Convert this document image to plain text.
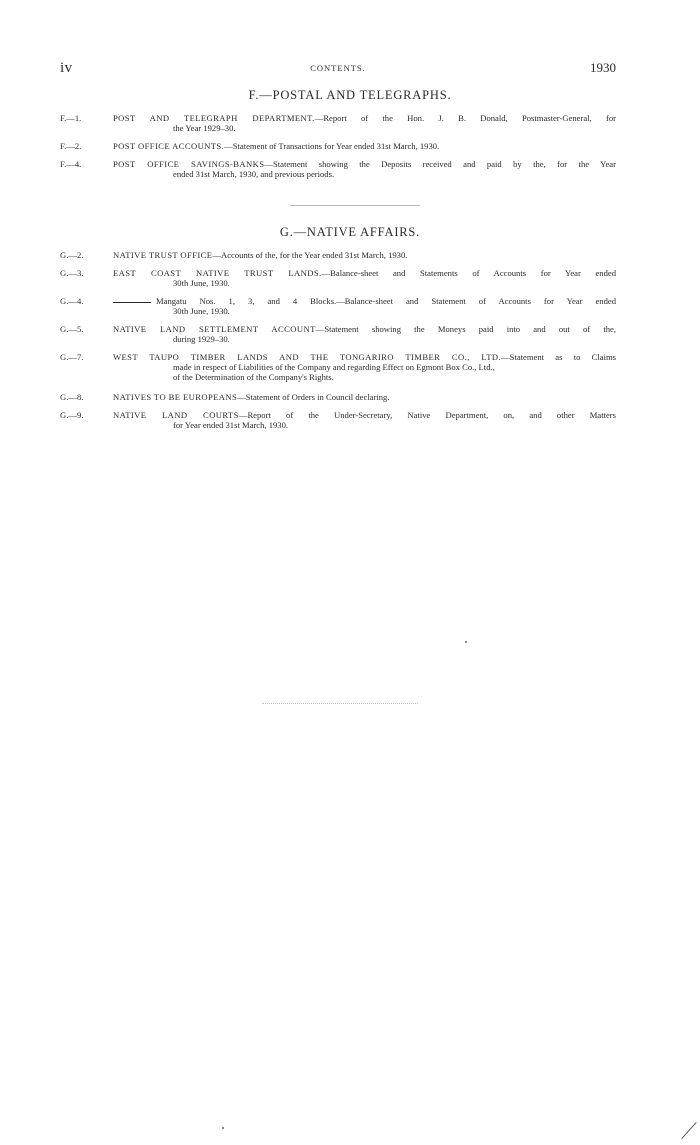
iv	CONTENTS.	1930
F.—POSTAL AND TELEGRAPHS.
F.—1.	POST AND TELEGRAPH DEPARTMENT.—Report of the Hon. J. B. Donald, Postmaster-General, for
the Year 1929–30.
F.—2.	POST OFFICE ACCOUNTS.—Statement of Transactions for Year ended 31st March, 1930.
F.—4.	POST OFFICE SAVINGS-BANKS—Statement showing the Deposits received and paid by the, for the Year
ended 31st March, 1930, and previous periods.
G.—NATIVE AFFAIRS.
G.—2.	NATIVE TRUST OFFICE—Accounts of the, for the Year ended 31st March, 1930.
G.—3.	EAST COAST NATIVE TRUST LANDS.—Balance-sheet and Statements of Accounts for Year ended
30th June, 1930.
G.—4.	Mangatu Nos. 1, 3, and 4 Blocks.—Balance-sheet and Statement of Accounts for Year ended
30th June, 1930.
G.—5.	NATIVE LAND SETTLEMENT ACCOUNT—Statement showing the Moneys paid into and out of the,
during 1929–30.
G.—7.	WEST TAUPO TIMBER LANDS AND THE TONGARIRO TIMBER CO., LTD.—Statement as to Claims
made in respect of Liabilities of the Company and regarding Effect on Egmont Box Co., Ltd.,
of the Determination of the Company's Rights.
G.—8.	NATIVES TO BE EUROPEANS—Statement of Orders in Council declaring.
G.—9.	NATIVE LAND COURTS—Report of the Under-Secretary, Native Department, on, and other Matters
for Year ended 31st March, 1930.
